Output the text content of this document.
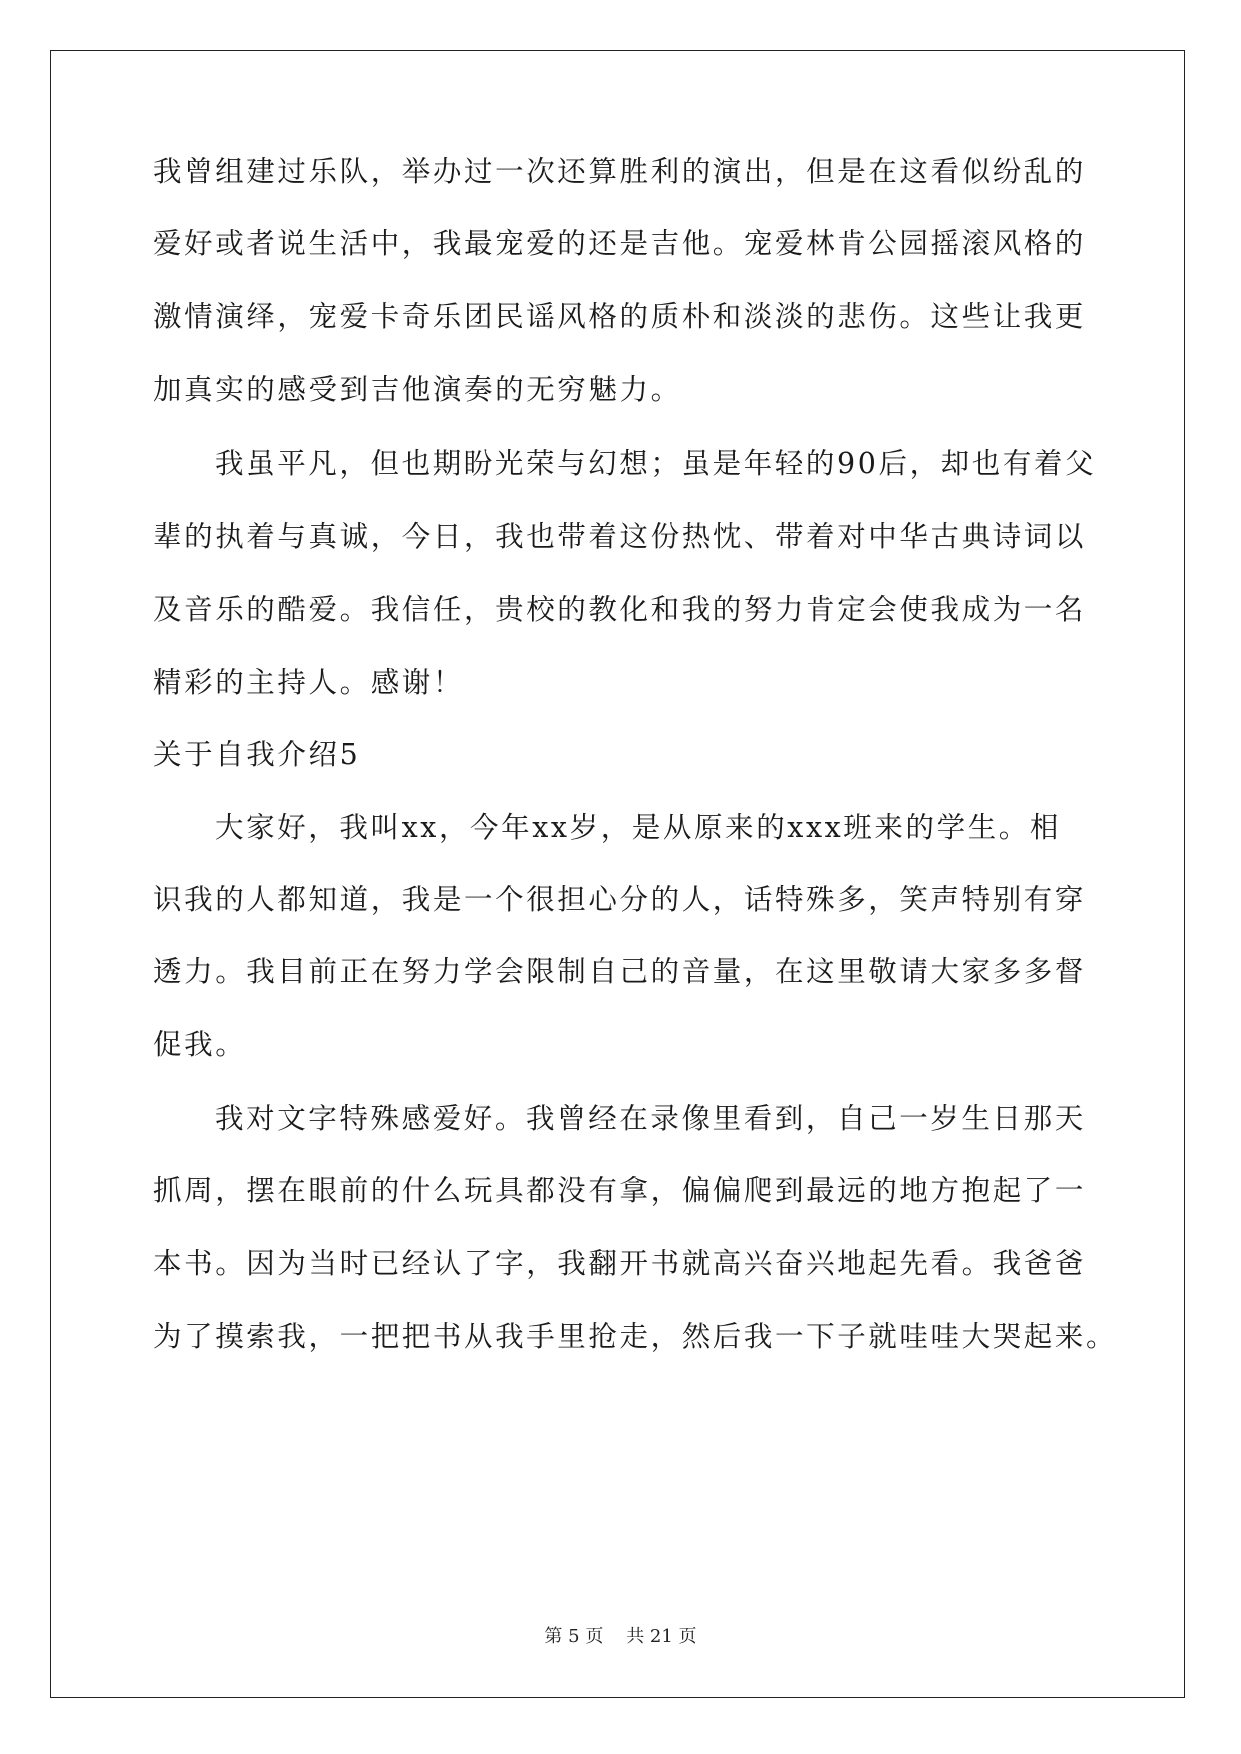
我曾组建过乐队，举办过一次还算胜利的演出，但是在这看似纷乱的
爱好或者说生活中，我最宠爱的还是吉他。宠爱林肯公园摇滚风格的
激情演绎，宠爱卡奇乐团民谣风格的质朴和淡淡的悲伤。这些让我更
加真实的感受到吉他演奏的无穷魅力。
我虽平凡，但也期盼光荣与幻想；虽是年轻的90后，却也有着父
辈的执着与真诚，今日，我也带着这份热忱、带着对中华古典诗词以
及音乐的酷爱。我信任，贵校的教化和我的努力肯定会使我成为一名
精彩的主持人。感谢！
关于自我介绍5
大家好，我叫xx，今年xx岁，是从原来的xxx班来的学生。相
识我的人都知道，我是一个很担心分的人，话特殊多，笑声特别有穿
透力。我目前正在努力学会限制自己的音量，在这里敬请大家多多督
促我。
我对文字特殊感爱好。我曾经在录像里看到，自己一岁生日那天
抓周，摆在眼前的什么玩具都没有拿，偏偏爬到最远的地方抱起了一
本书。因为当时已经认了字，我翻开书就高兴奋兴地起先看。我爸爸
为了摸索我，一把把书从我手里抢走，然后我一下子就哇哇大哭起来。
第 5 页    共 21 页
